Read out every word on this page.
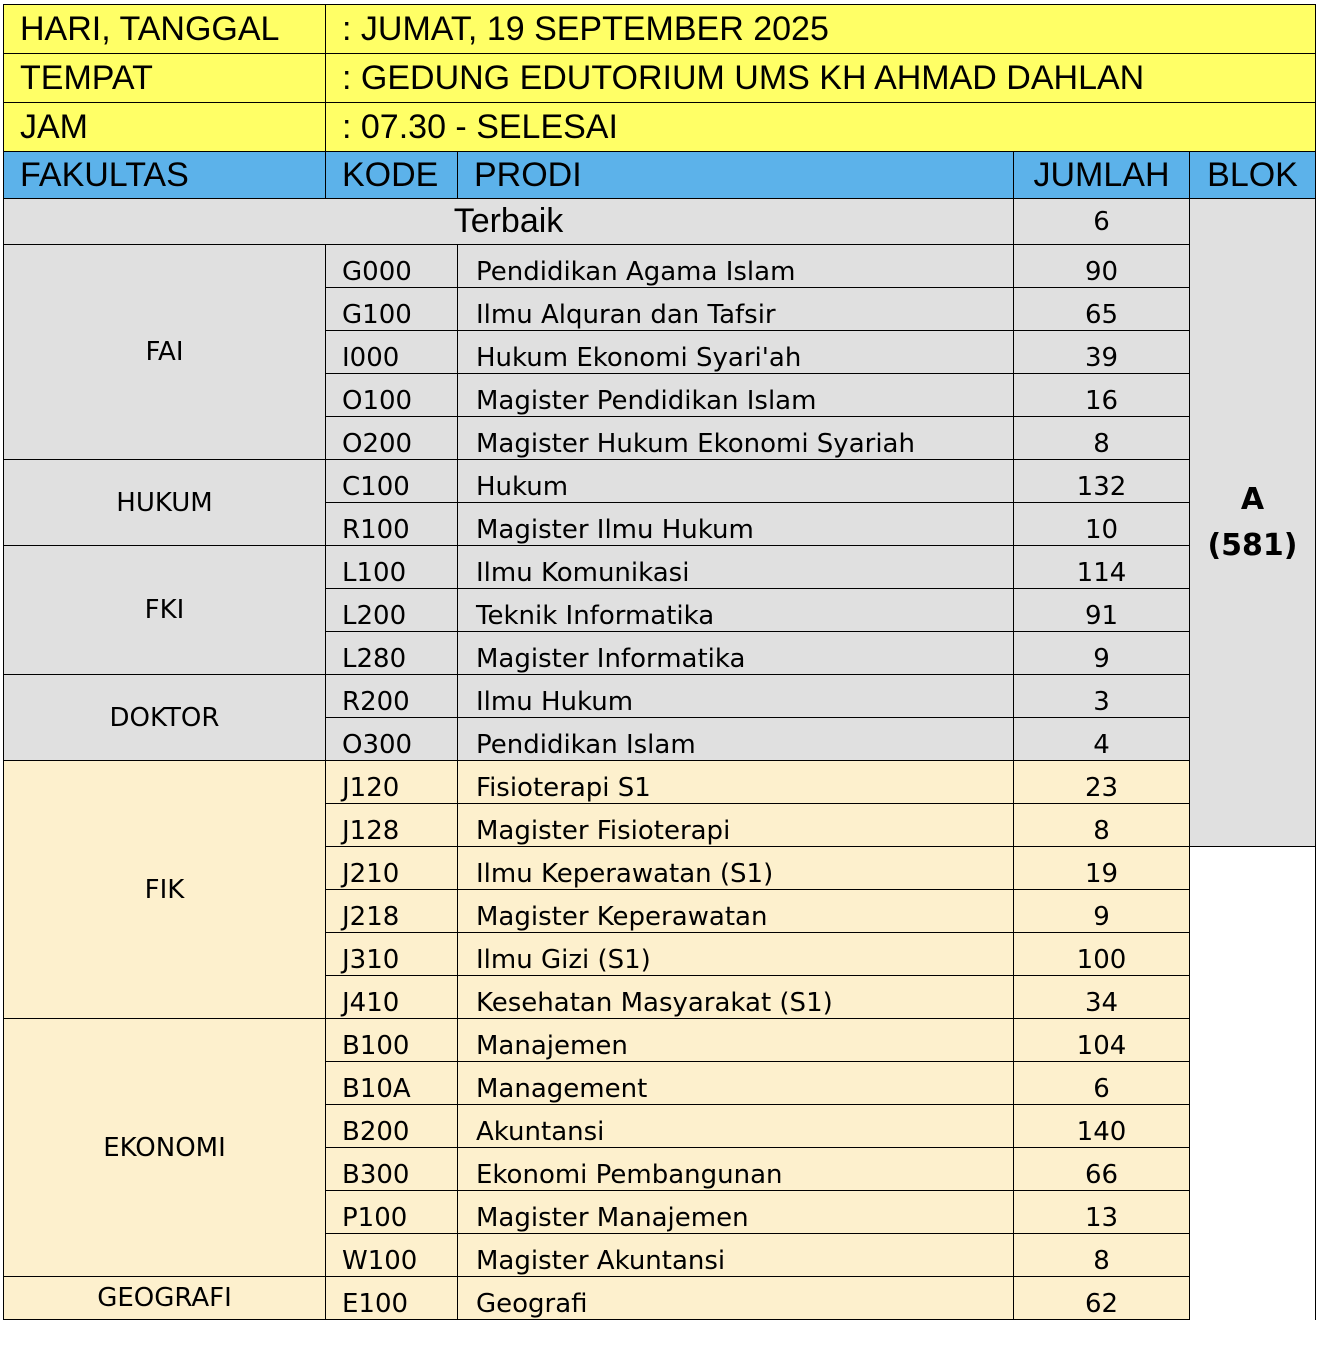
HARI, TANGGAL	: JUMAT, 19 SEPTEMBER 2025				
TEMPAT	: GEDUNG EDUTORIUM UMS KH AHMAD DAHLAN				
JAM	: 07.30 - SELESAI				
FAKULTAS	KODE	PRODI	JUMLAH	BLOK	
Terbaik			6	A
(581)	

FAI	G000	Pendidikan Agama Islam	90		
	G100	Ilmu Alquran dan Tafsir	65		
	I000	Hukum Ekonomi Syari'ah	39		
	O100	Magister Pendidikan Islam	16		
	O200	Magister Hukum Ekonomi Syariah	8		
HUKUM	C100	Hukum	132		
	R100	Magister Ilmu Hukum	10		
FKI	L100	Ilmu Komunikasi	114		
	L200	Teknik Informatika	91		
	L280	Magister Informatika	9		
DOKTOR	R200	Ilmu Hukum	3		
	O300	Pendidikan Islam	4		
FIK	J120	Fisioterapi S1	23	

	J128	Magister Fisioterapi	8		
	J210	Ilmu Keperawatan (S1)	19		
	J218	Magister Keperawatan	9		
	J310	Ilmu Gizi (S1)	100		
	J410	Kesehatan Masyarakat (S1)	34		
EKONOMI	B100	Manajemen	104		
	B10A	Management	6		
	B200	Akuntansi	140		
	B300	Ekonomi Pembangunan	66		
	P100	Magister Manajemen	13		
	W100	Magister Akuntansi	8		
GEOGRAFI	E100	Geografi	62		
